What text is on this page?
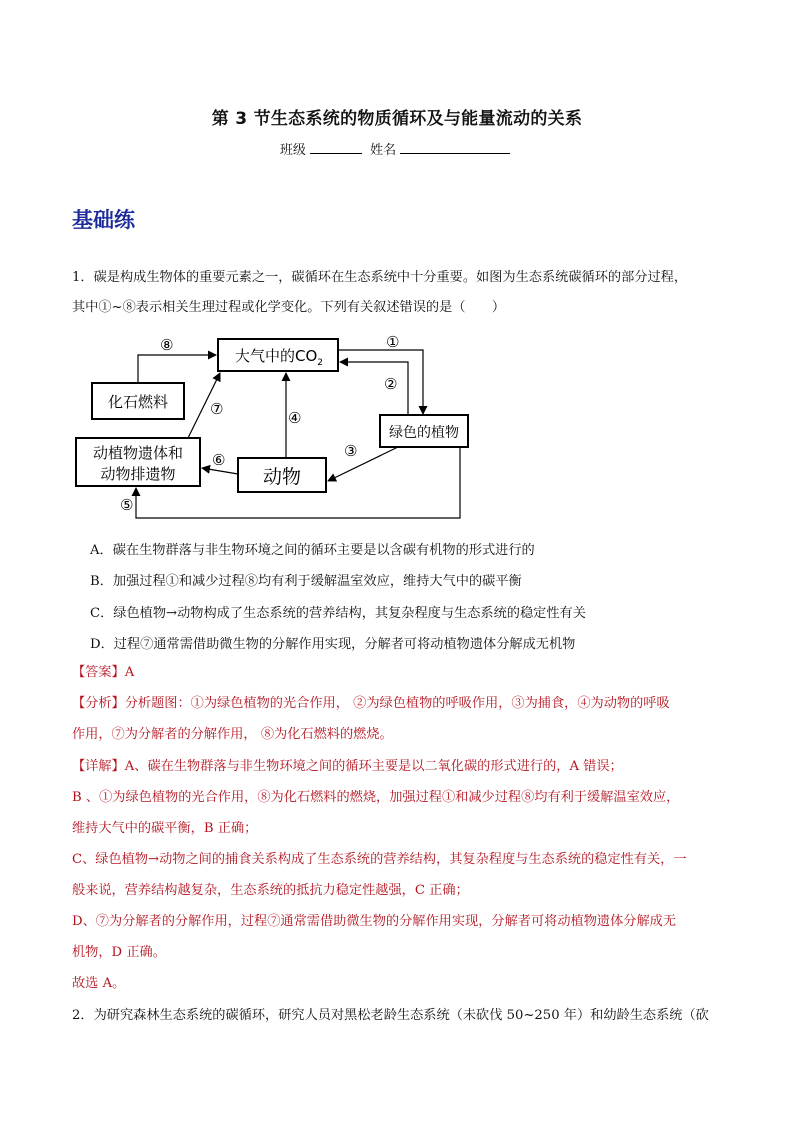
第 3 节生态系统的物质循环及与能量流动的关系
班级	姓名
基础练
1．碳是构成生物体的重要元素之一，碳循环在生态系统中十分重要。如图为生态系统碳循环的部分过程，
其中①~⑧表示相关生理过程或化学变化。下列有关叙述错误的是（　　）
大气中的$CO_2$
化石燃料
动植物遗体和
动物排遗物	动物
绿色的植物
①
②
③
④
⑤
⑥
⑦
⑧
A．碳在生物群落与非生物环境之间的循环主要是以含碳有机物的形式进行的
B．加强过程①和减少过程⑧均有利于缓解温室效应，维持大气中的碳平衡
C．绿色植物→动物构成了生态系统的营养结构，其复杂程度与生态系统的稳定性有关
D．过程⑦通常需借助微生物的分解作用实现，分解者可将动植物遗体分解成无机物
【答案】A
【分析】分析题图：①为绿色植物的光合作用， ②为绿色植物的呼吸作用，③为捕食，④为动物的呼吸
作用，⑦为分解者的分解作用， ⑧为化石燃料的燃烧。
【详解】A、碳在生物群落与非生物环境之间的循环主要是以二氧化碳的形式进行的，A 错误；
B 、①为绿色植物的光合作用，⑧为化石燃料的燃烧，加强过程①和减少过程⑧均有利于缓解温室效应，
维持大气中的碳平衡，B 正确；
C、绿色植物→动物之间的捕食关系构成了生态系统的营养结构，其复杂程度与生态系统的稳定性有关，一
般来说，营养结构越复杂，生态系统的抵抗力稳定性越强，C 正确；
D、⑦为分解者的分解作用，过程⑦通常需借助微生物的分解作用实现，分解者可将动植物遗体分解成无
机物，D 正确。
故选 A。
2．为研究森林生态系统的碳循环，研究人员对黑松老龄生态系统（未砍伐 50~250 年）和幼龄生态系统（砍
